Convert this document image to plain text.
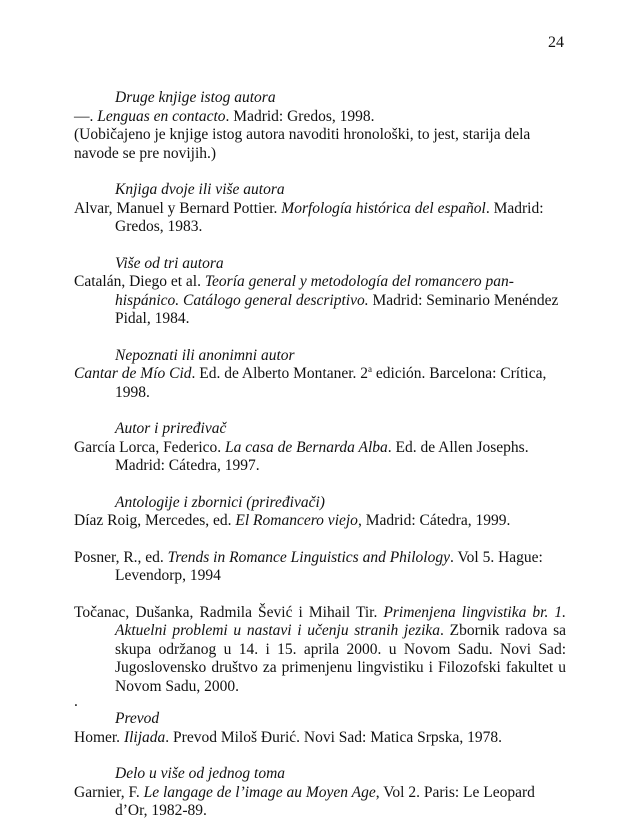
24
Druge knjige istog autora
—. Lenguas en contacto. Madrid: Gredos, 1998.
(Uobičajeno je knjige istog autora navoditi hronološki, to jest, starija dela navode se pre novijih.)
Knjiga dvoje ili više autora
Alvar, Manuel y Bernard Pottier. Morfología histórica del español. Madrid: Gredos, 1983.
Više od tri autora
Catalán, Diego et al. Teoría general y metodología del romancero pan-hispánico. Catálogo general descriptivo. Madrid: Seminario Menéndez Pidal, 1984.
Nepoznati ili anonimni autor
Cantar de Mío Cid. Ed. de Alberto Montaner. 2$^a$ edición. Barcelona: Crítica, 1998.
Autor i priređivač
García Lorca, Federico. La casa de Bernarda Alba. Ed. de Allen Josephs. Madrid: Cátedra, 1997.
Antologije i zbornici (priređivači)
Díaz Roig, Mercedes, ed. El Romancero viejo, Madrid: Cátedra, 1999.
Posner, R., ed. Trends in Romance Linguistics and Philology. Vol 5. Hague: Levendorp, 1994
Točanac, Dušanka, Radmila Šević i Mihail Tir. Primenjena lingvistika br. 1. Aktuelni problemi u nastavi i učenju stranih jezika. Zbornik radova sa skupa održanog u 14. i 15. aprila 2000. u Novom Sadu. Novi Sad: Jugoslovensko društvo za primenjenu lingvistiku i Filozofski fakultet u Novom Sadu, 2000.
.
Prevod
Homer. Ilijada. Prevod Miloš Đurić. Novi Sad: Matica Srpska, 1978.
Delo u više od jednog toma
Garnier, F. Le langage de l’image au Moyen Age, Vol 2. Paris: Le Leopard d’Or, 1982-89.
